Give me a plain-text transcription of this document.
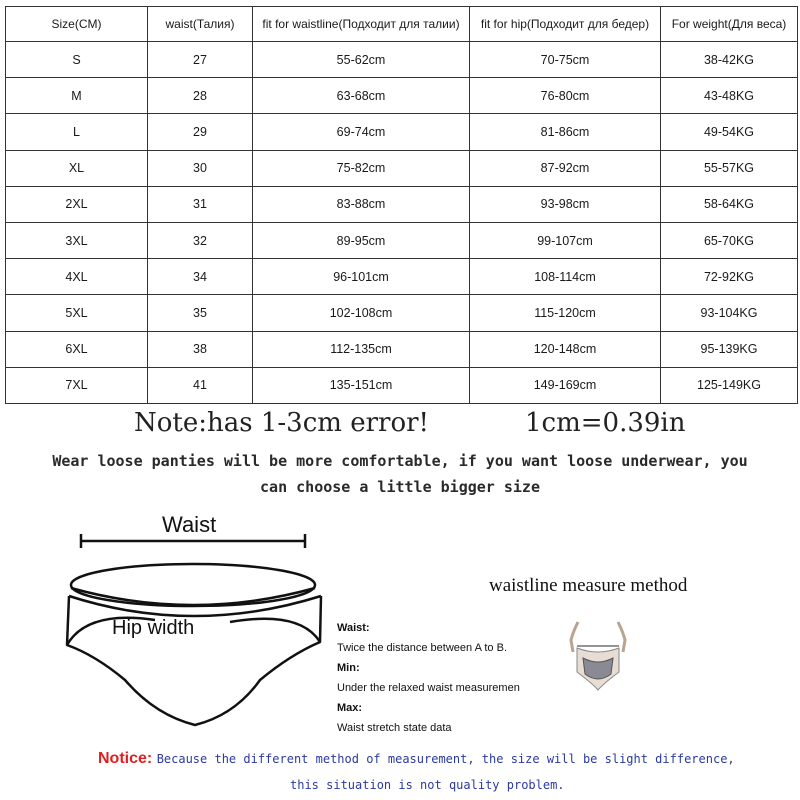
Size(CM)	waist(Талия)	fit for waistline(Подходит для талии)	fit for hip(Подходит для бедер)	For weight(Для веса)
S	27	55-62cm	70-75cm	38-42KG
M	28	63-68cm	76-80cm	43-48KG
L	29	69-74cm	81-86cm	49-54KG
XL	30	75-82cm	87-92cm	55-57KG
2XL	31	83-88cm	93-98cm	58-64KG
3XL	32	89-95cm	99-107cm	65-70KG
4XL	34	96-101cm	108-114cm	72-92KG
5XL	35	102-108cm	115-120cm	93-104KG
6XL	38	112-135cm	120-148cm	95-139KG
7XL	41	135-151cm	149-169cm	125-149KG
Note:has 1-3cm error!	1cm=0.39in
Wear loose panties will be more comfortable, if you want loose underwear, you
can choose a little bigger size
Waist
Hip width
waistline measure method
Waist:
Twice the distance between A to B.
Min:
Under the relaxed waist measuremen
Max:
Waist stretch state data
Notice: Because the different method of measurement, the size will be slight difference,
this situation is not quality problem.
